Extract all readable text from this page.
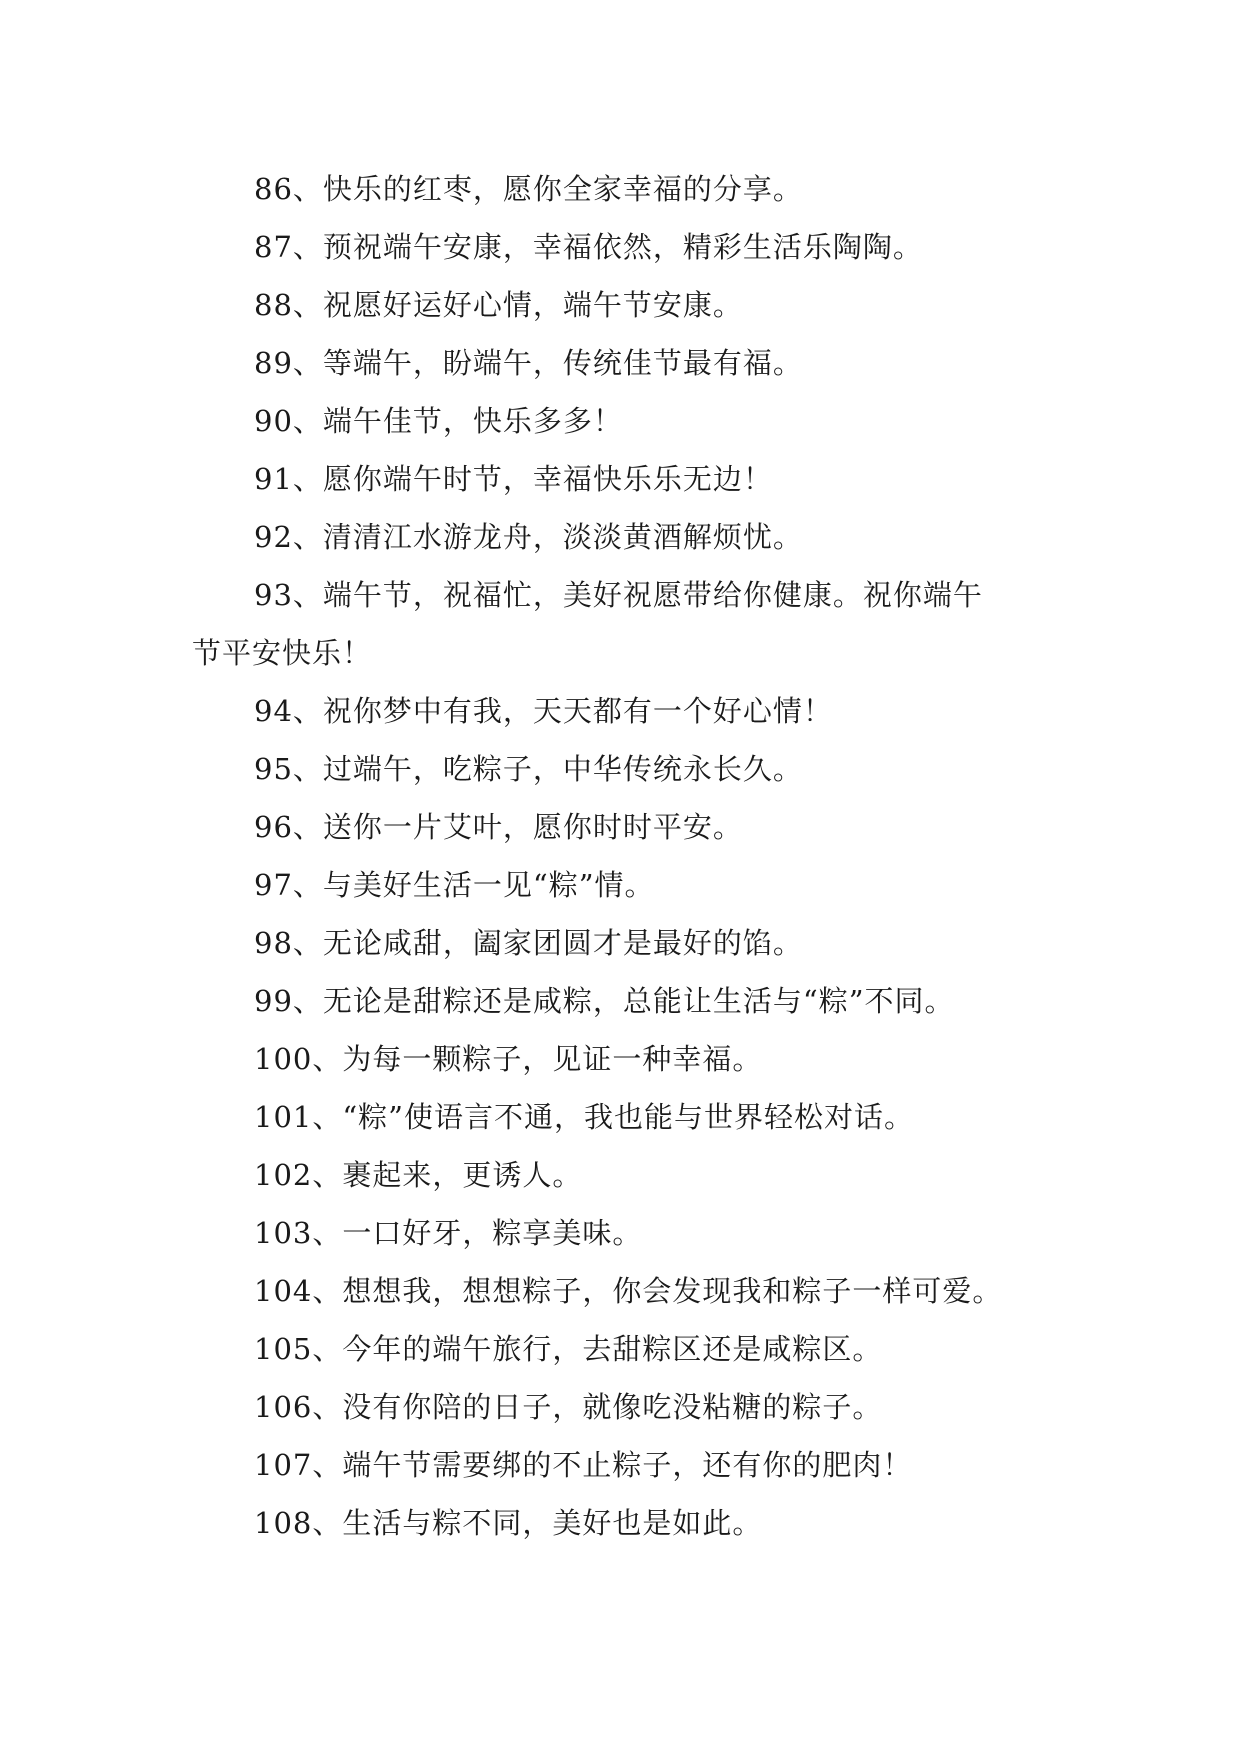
86、快乐的红枣，愿你全家幸福的分享。
87、预祝端午安康，幸福依然，精彩生活乐陶陶。
88、祝愿好运好心情，端午节安康。
89、等端午，盼端午，传统佳节最有福。
90、端午佳节，快乐多多！
91、愿你端午时节，幸福快乐乐无边！
92、清清江水游龙舟，淡淡黄酒解烦忧。
93、端午节，祝福忙，美好祝愿带给你健康。祝你端午
节平安快乐！
94、祝你梦中有我，天天都有一个好心情！
95、过端午，吃粽子，中华传统永长久。
96、送你一片艾叶，愿你时时平安。
97、与美好生活一见“粽”情。
98、无论咸甜，阖家团圆才是最好的馅。
99、无论是甜粽还是咸粽，总能让生活与“粽”不同。
100、为每一颗粽子，见证一种幸福。
101、“粽”使语言不通，我也能与世界轻松对话。
102、裹起来，更诱人。
103、一口好牙，粽享美味。
104、想想我，想想粽子，你会发现我和粽子一样可爱。
105、今年的端午旅行，去甜粽区还是咸粽区。
106、没有你陪的日子，就像吃没粘糖的粽子。
107、端午节需要绑的不止粽子，还有你的肥肉！
108、生活与粽不同，美好也是如此。
